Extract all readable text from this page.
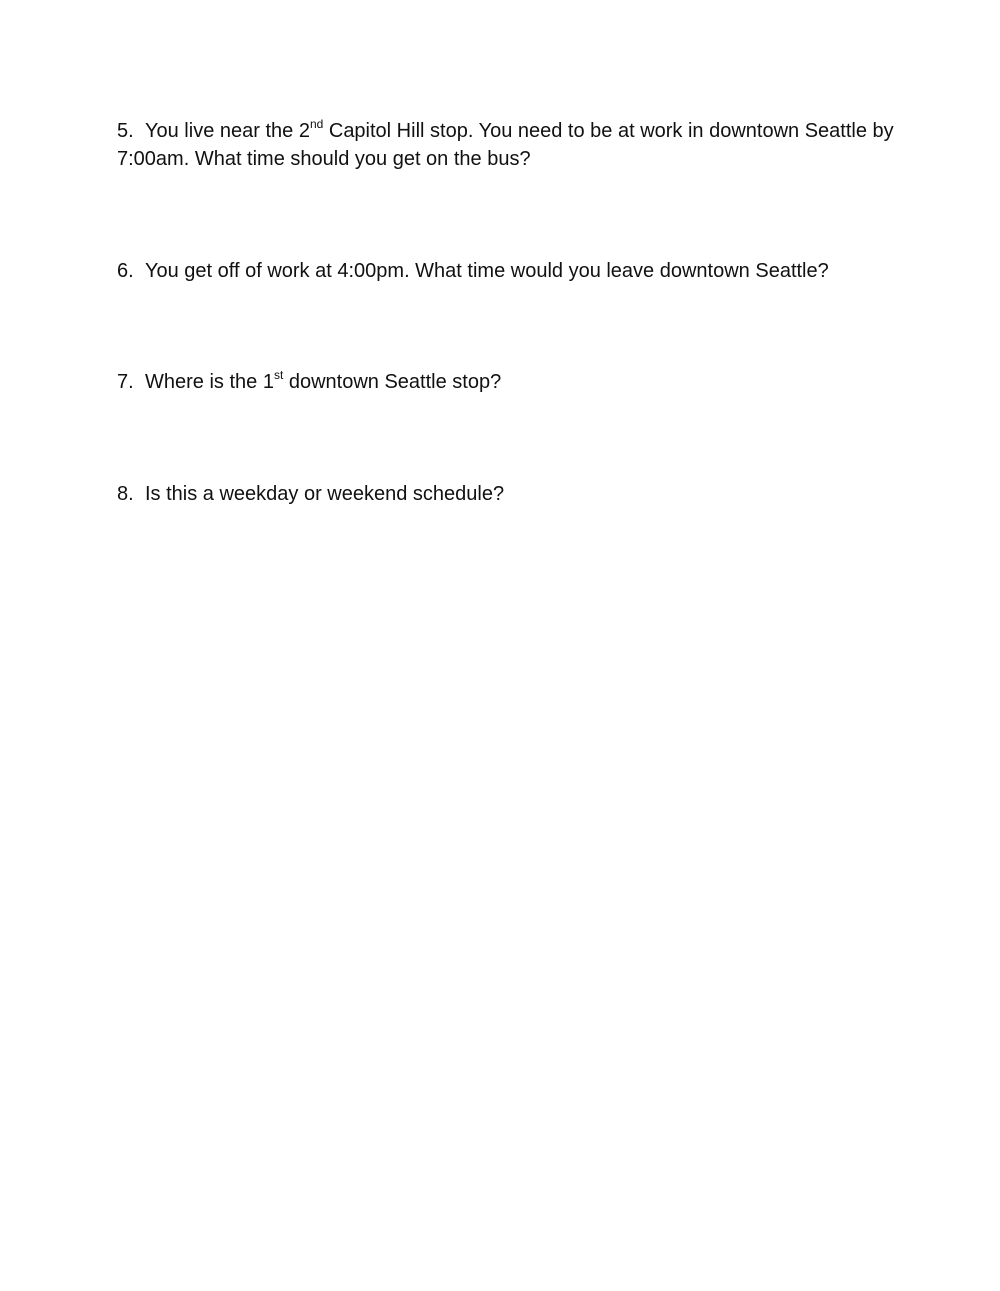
5. You live near the 2nd Capitol Hill stop. You need to be at work in downtown Seattle by 7:00am. What time should you get on the bus?

6. You get off of work at 4:00pm. What time would you leave downtown Seattle?

7. Where is the 1st downtown Seattle stop?

8. Is this a weekday or weekend schedule?
